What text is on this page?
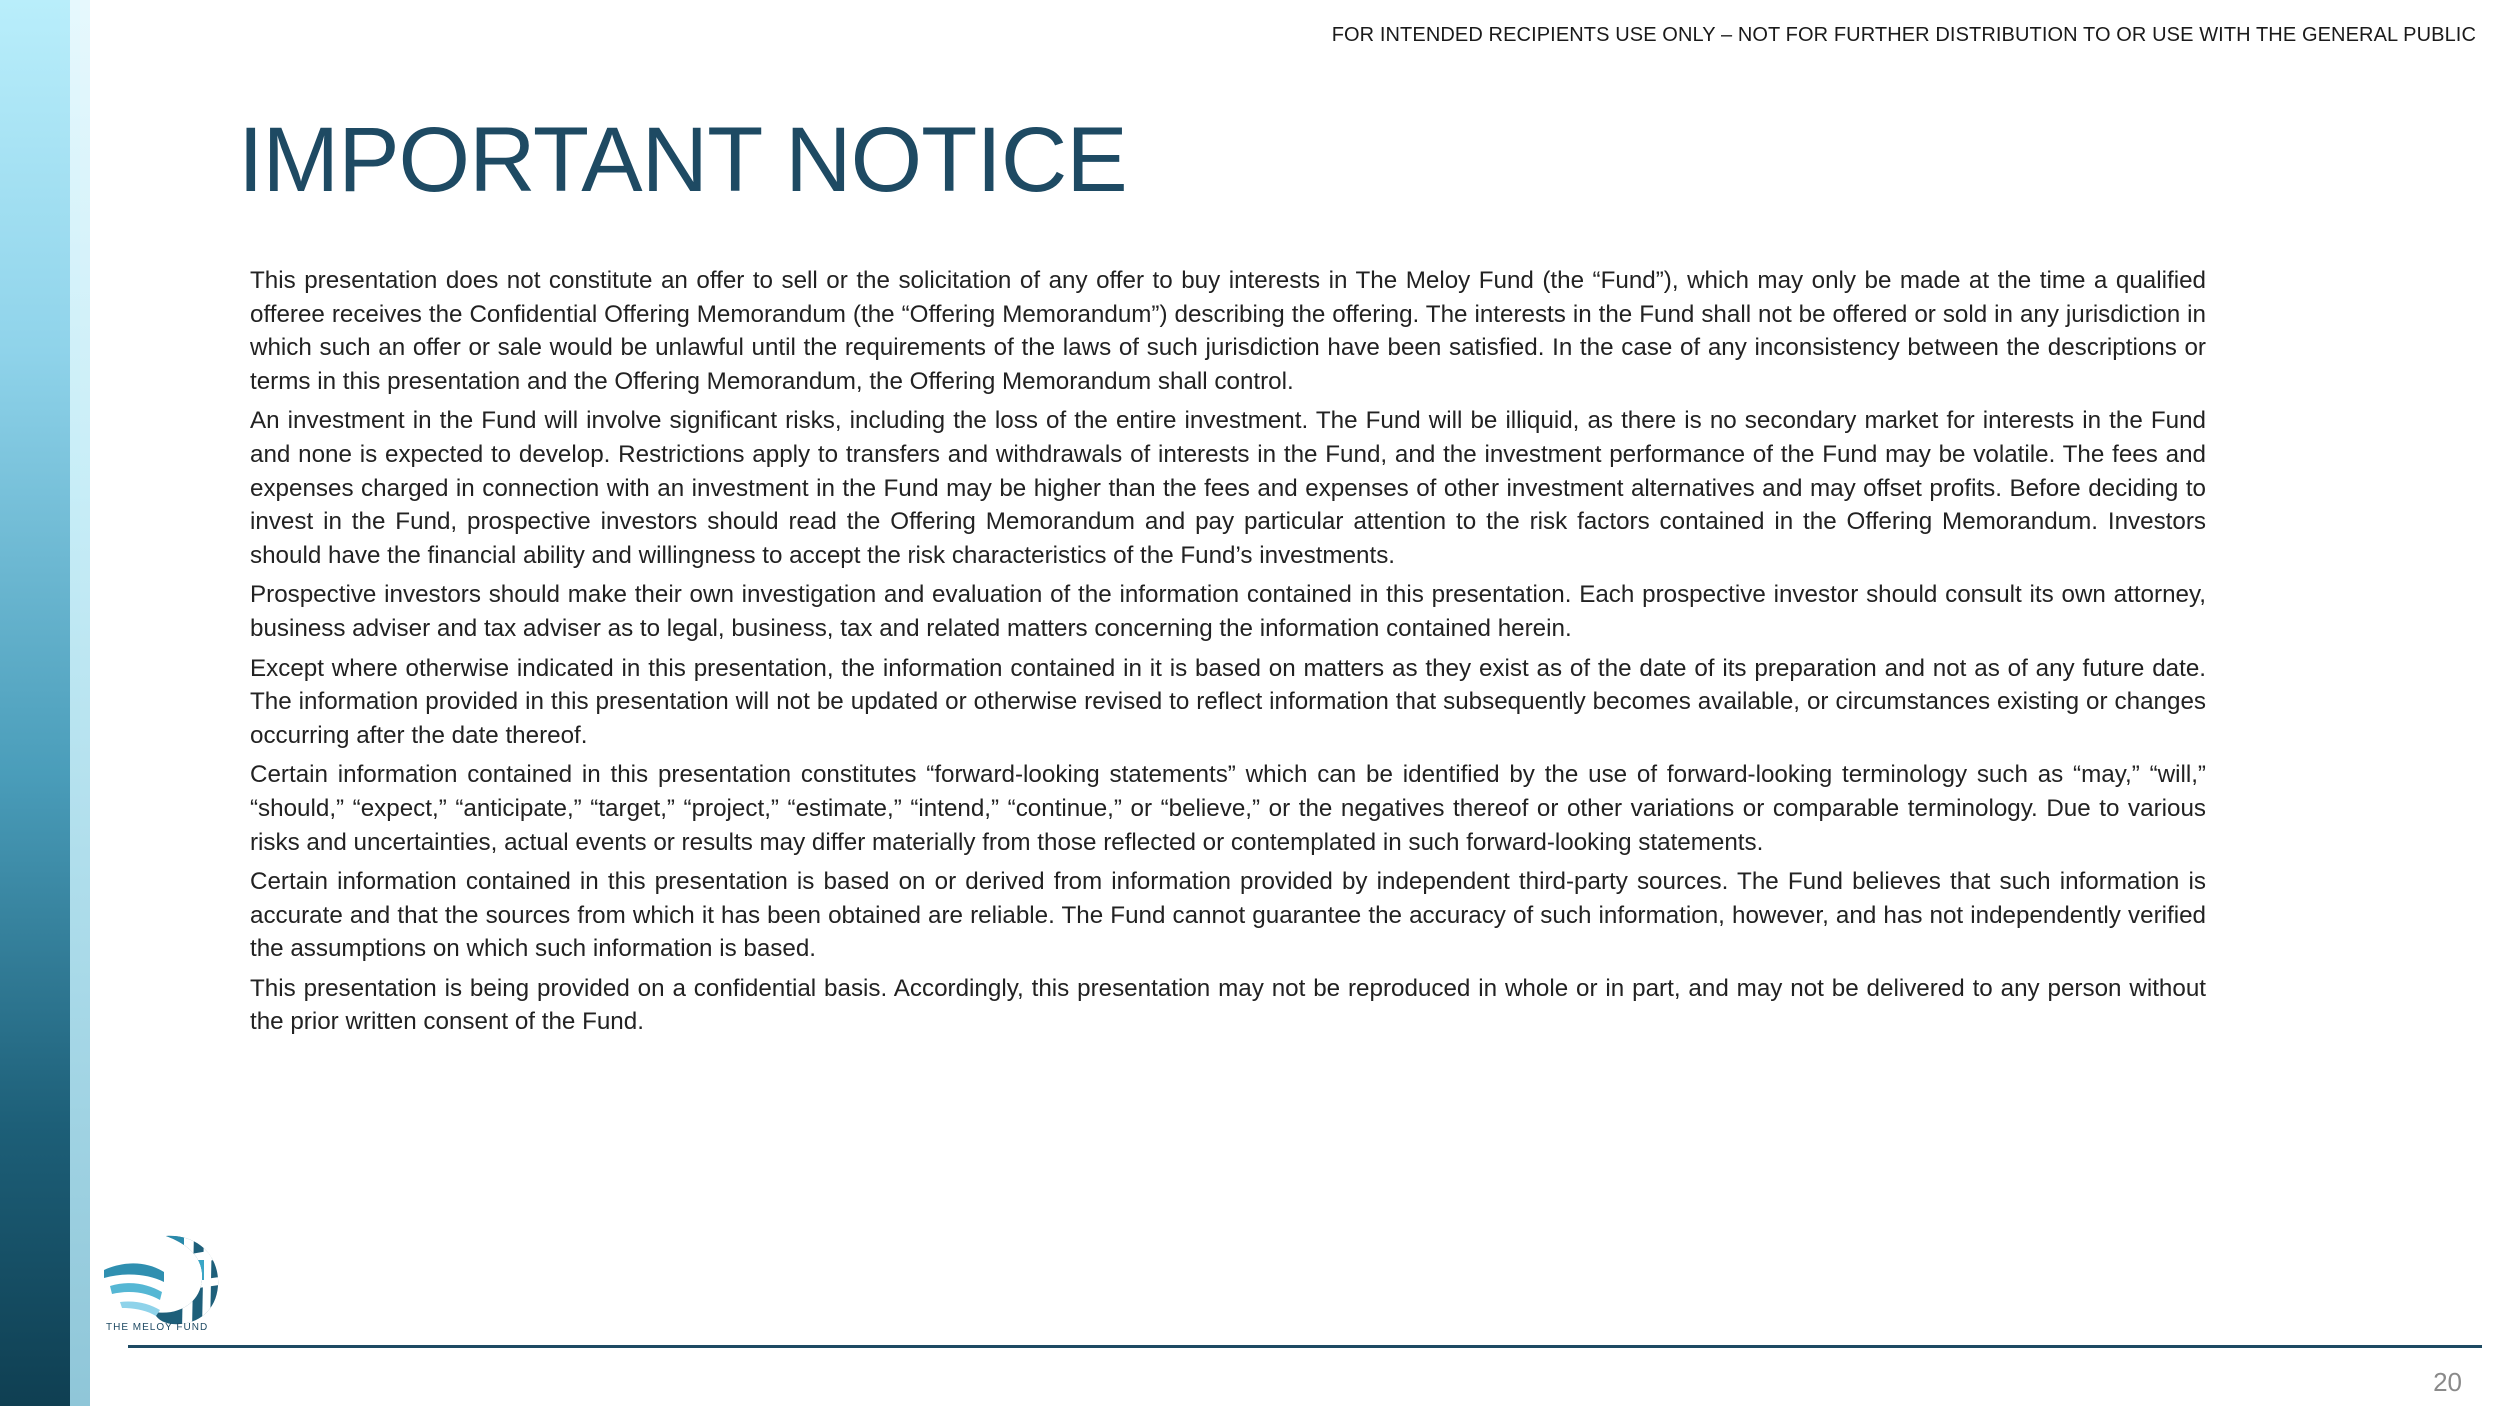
FOR INTENDED RECIPIENTS USE ONLY – NOT FOR FURTHER DISTRIBUTION TO OR USE WITH THE GENERAL PUBLIC
IMPORTANT NOTICE

This presentation does not constitute an offer to sell or the solicitation of any offer to buy interests in The Meloy Fund (the “Fund”), which may only be made at the time a qualified offeree receives the Confidential Offering Memorandum (the “Offering Memorandum”) describing the offering. The interests in the Fund shall not be offered or sold in any jurisdiction in which such an offer or sale would be unlawful until the requirements of the laws of such jurisdiction have been satisfied. In the case of any inconsistency between the descriptions or terms in this presentation and the Offering Memorandum, the Offering Memorandum shall control.

An investment in the Fund will involve significant risks, including the loss of the entire investment. The Fund will be illiquid, as there is no secondary market for interests in the Fund and none is expected to develop. Restrictions apply to transfers and withdrawals of interests in the Fund, and the investment performance of the Fund may be volatile. The fees and expenses charged in connection with an investment in the Fund may be higher than the fees and expenses of other investment alternatives and may offset profits. Before deciding to invest in the Fund, prospective investors should read the Offering Memorandum and pay particular attention to the risk factors contained in the Offering Memorandum. Investors should have the financial ability and willingness to accept the risk characteristics of the Fund’s investments.

Prospective investors should make their own investigation and evaluation of the information contained in this presentation. Each prospective investor should consult its own attorney, business adviser and tax adviser as to legal, business, tax and related matters concerning the information contained herein.

Except where otherwise indicated in this presentation, the information contained in it is based on matters as they exist as of the date of its preparation and not as of any future date. The information provided in this presentation will not be updated or otherwise revised to reflect information that subsequently becomes available, or circumstances existing or changes occurring after the date thereof.

Certain information contained in this presentation constitutes “forward-looking statements” which can be identified by the use of forward-looking terminology such as “may,” “will,” “should,” “expect,” “anticipate,” “target,” “project,” “estimate,” “intend,” “continue,” or “believe,” or the negatives thereof or other variations or comparable terminology. Due to various risks and uncertainties, actual events or results may differ materially from those reflected or contemplated in such forward-looking statements.

Certain information contained in this presentation is based on or derived from information provided by independent third-party sources. The Fund believes that such information is accurate and that the sources from which it has been obtained are reliable. The Fund cannot guarantee the accuracy of such information, however, and has not independently verified the assumptions on which such information is based.

This presentation is being provided on a confidential basis. Accordingly, this presentation may not be reproduced in whole or in part, and may not be delivered to any person without the prior written consent of the Fund.

THE MELOY FUND
20
